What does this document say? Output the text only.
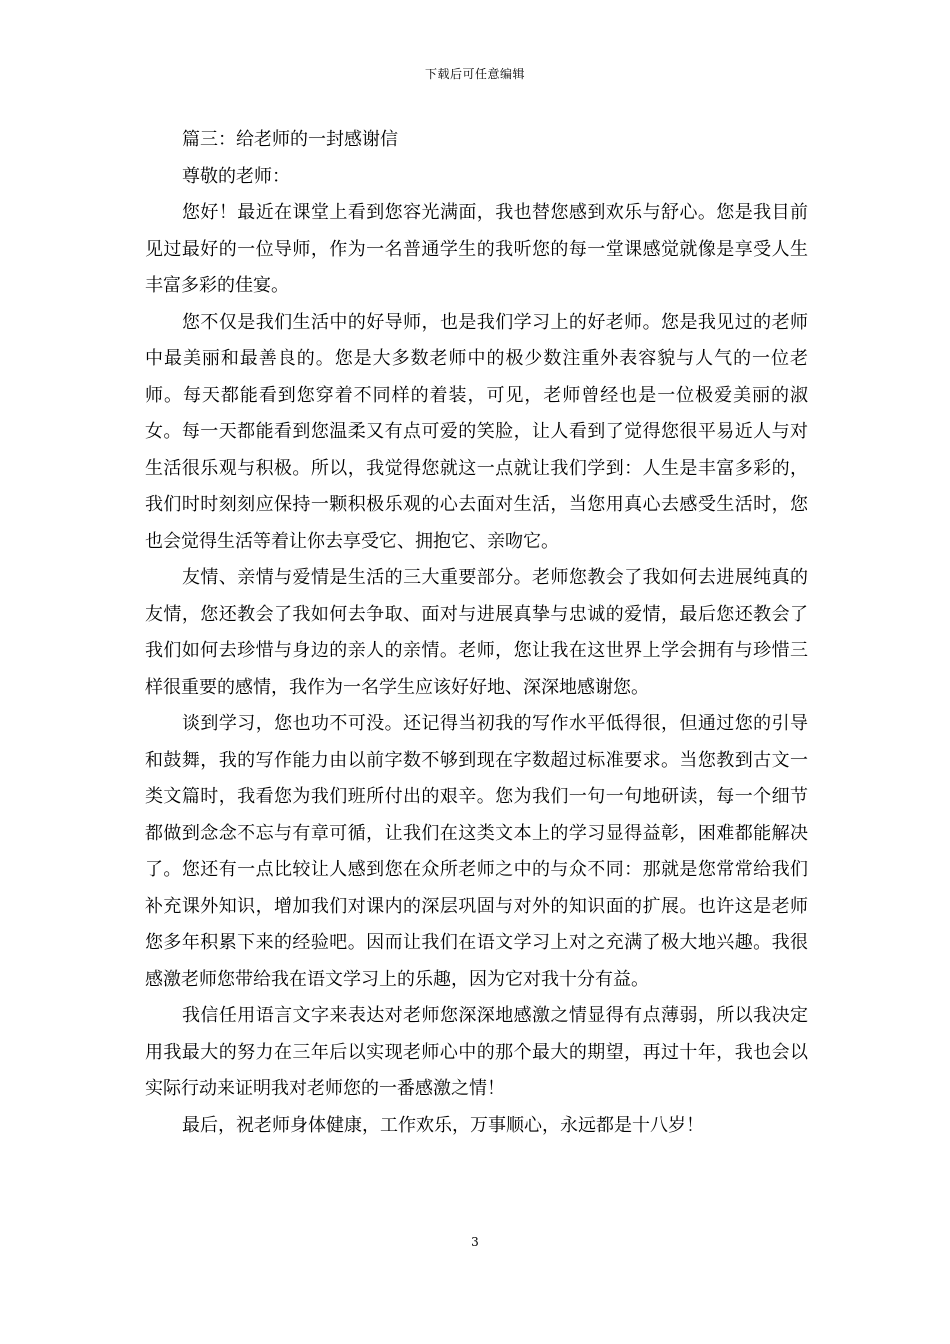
下载后可任意编辑

篇三：给老师的一封感谢信

尊敬的老师：

您好！最近在课堂上看到您容光满面，我也替您感到欢乐与舒心。您是我目前见过最好的一位导师，作为一名普通学生的我听您的每一堂课感觉就像是享受人生丰富多彩的佳宴。

您不仅是我们生活中的好导师，也是我们学习上的好老师。您是我见过的老师中最美丽和最善良的。您是大多数老师中的极少数注重外表容貌与人气的一位老师。每天都能看到您穿着不同样的着装，可见，老师曾经也是一位极爱美丽的淑女。每一天都能看到您温柔又有点可爱的笑脸，让人看到了觉得您很平易近人与对生活很乐观与积极。所以，我觉得您就这一点就让我们学到：人生是丰富多彩的，我们时时刻刻应保持一颗积极乐观的心去面对生活，当您用真心去感受生活时，您也会觉得生活等着让你去享受它、拥抱它、亲吻它。

友情、亲情与爱情是生活的三大重要部分。老师您教会了我如何去进展纯真的友情，您还教会了我如何去争取、面对与进展真挚与忠诚的爱情，最后您还教会了我们如何去珍惜与身边的亲人的亲情。老师，您让我在这世界上学会拥有与珍惜三样很重要的感情，我作为一名学生应该好好地、深深地感谢您。

谈到学习，您也功不可没。还记得当初我的写作水平低得很，但通过您的引导和鼓舞，我的写作能力由以前字数不够到现在字数超过标准要求。当您教到古文一类文篇时，我看您为我们班所付出的艰辛。您为我们一句一句地研读，每一个细节都做到念念不忘与有章可循，让我们在这类文本上的学习显得益彰，困难都能解决了。您还有一点比较让人感到您在众所老师之中的与众不同：那就是您常常给我们补充课外知识，增加我们对课内的深层巩固与对外的知识面的扩展。也许这是老师您多年积累下来的经验吧。因而让我们在语文学习上对之充满了极大地兴趣。我很感激老师您带给我在语文学习上的乐趣，因为它对我十分有益。

我信任用语言文字来表达对老师您深深地感激之情显得有点薄弱，所以我决定用我最大的努力在三年后以实现老师心中的那个最大的期望，再过十年，我也会以实际行动来证明我对老师您的一番感激之情！

最后，祝老师身体健康，工作欢乐，万事顺心，永远都是十八岁！

3
